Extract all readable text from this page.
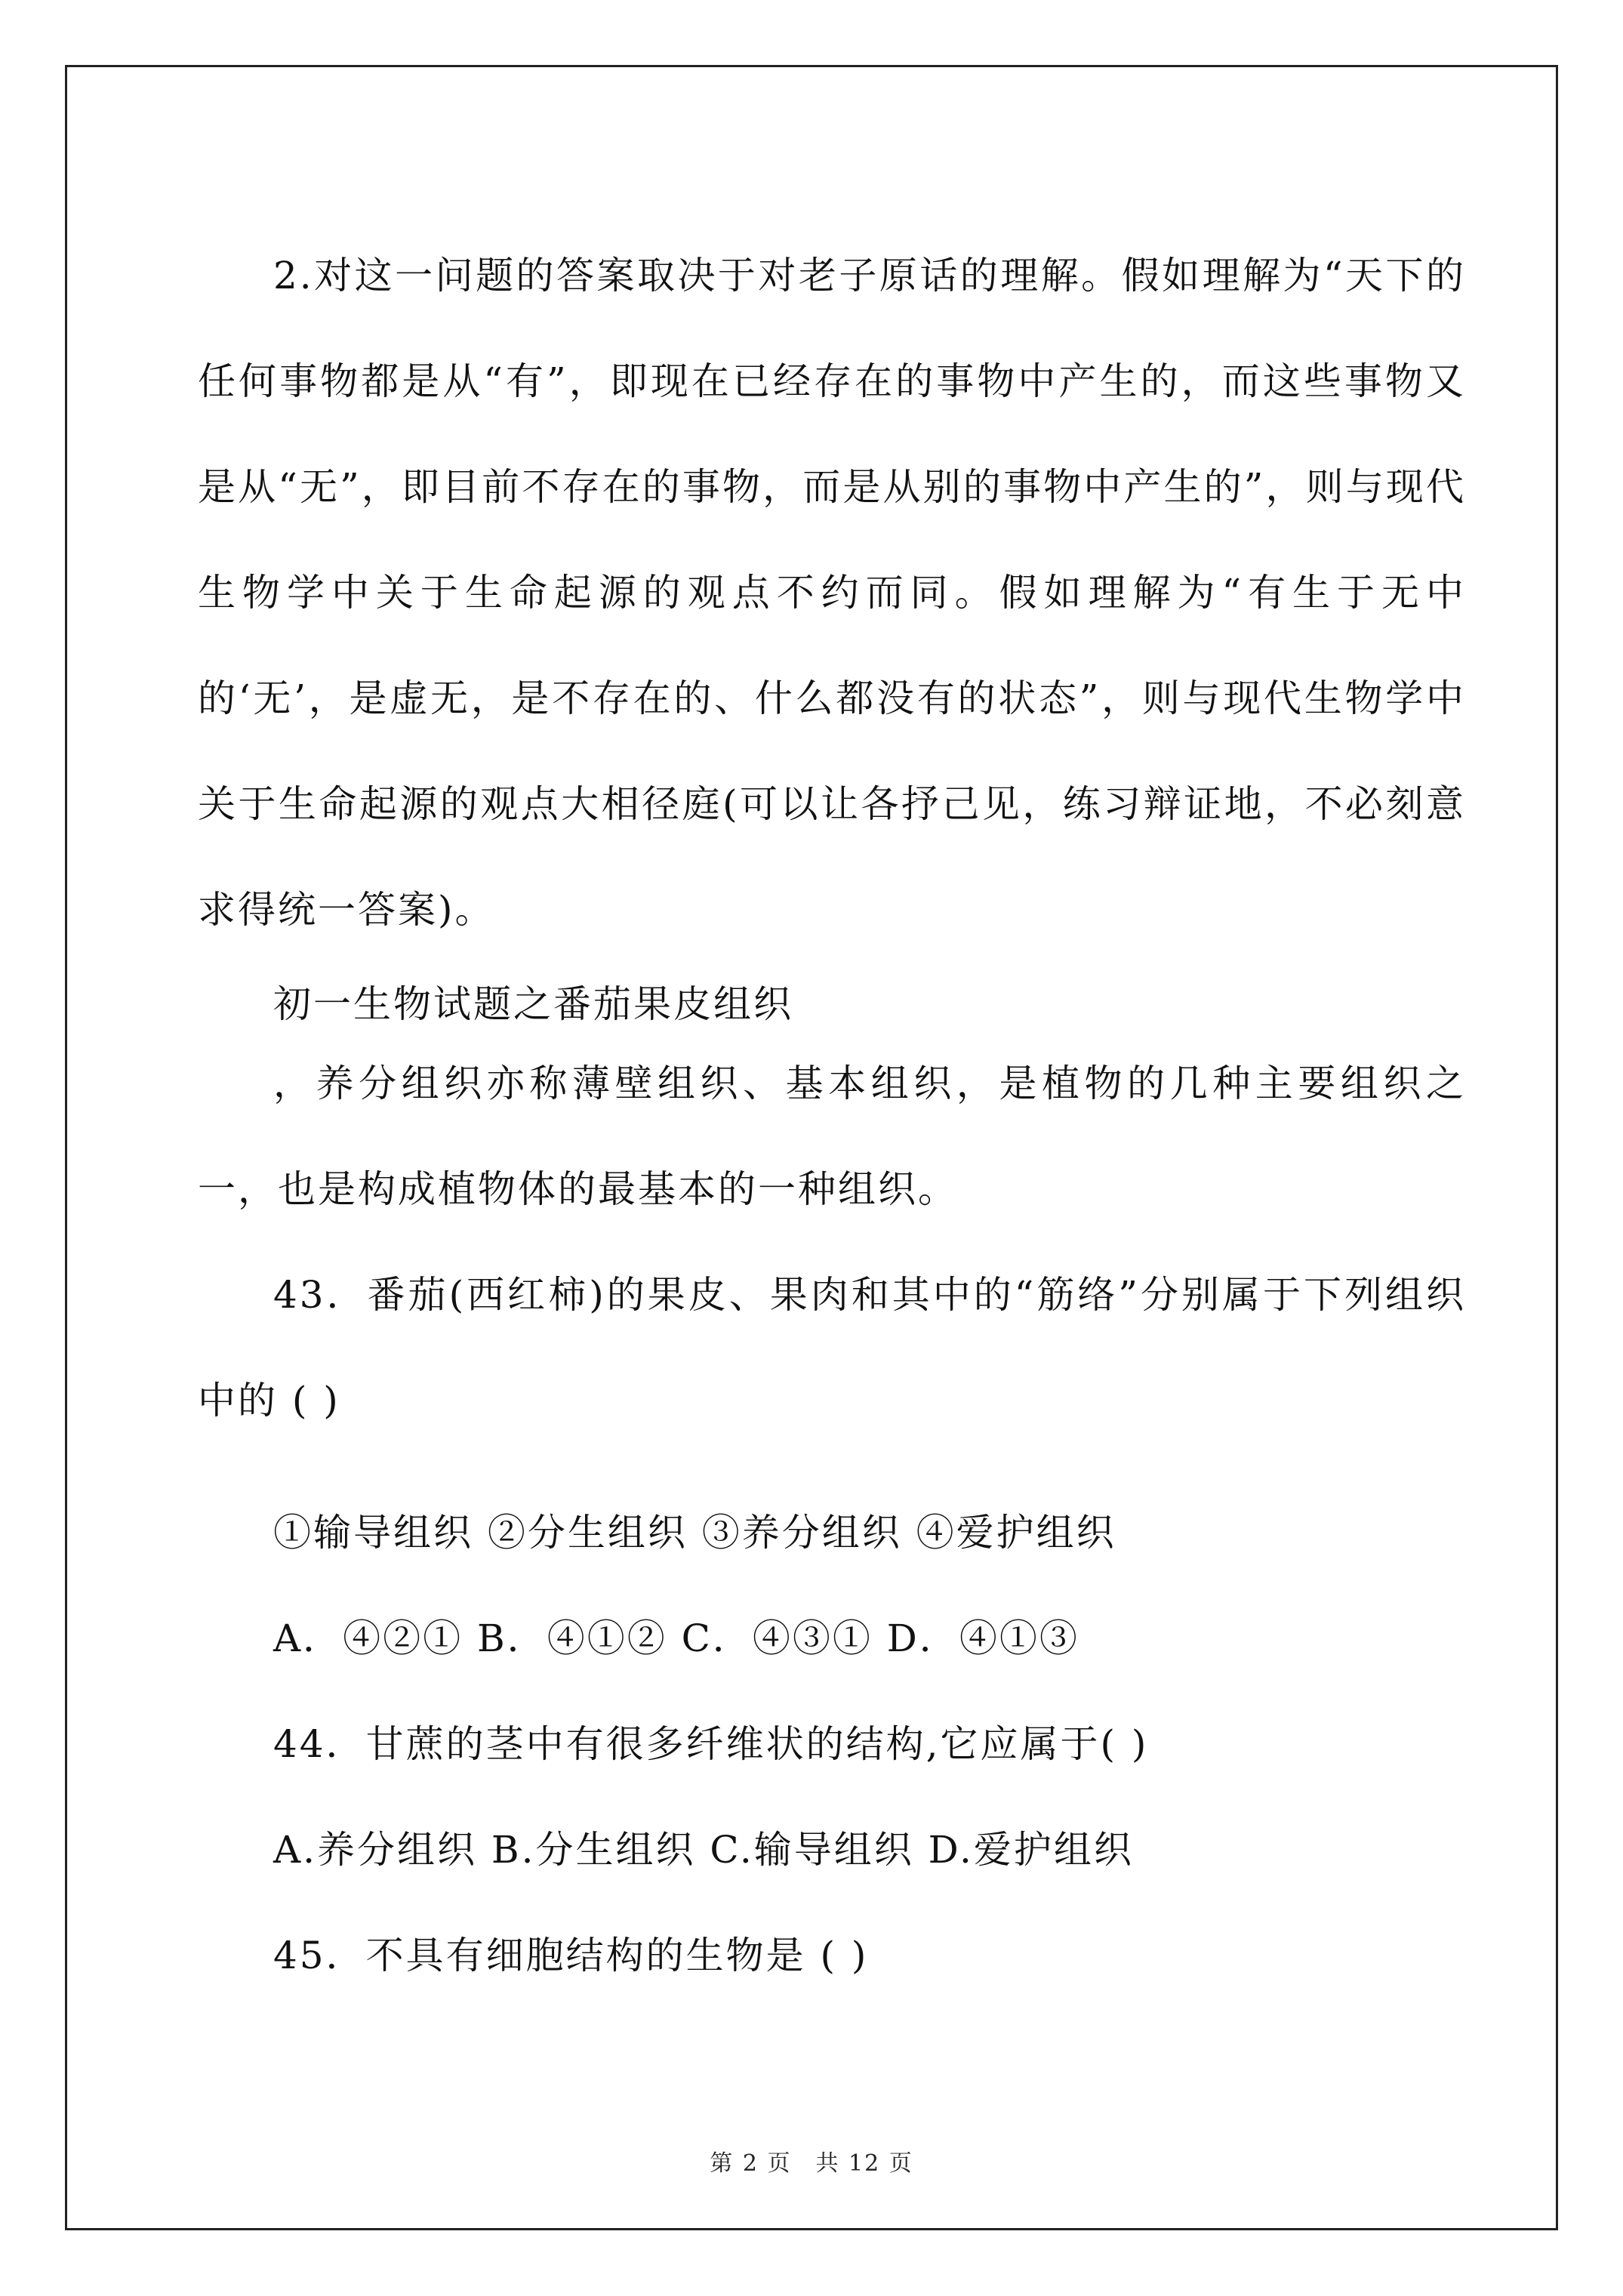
2.对这一问题的答案取决于对老子原话的理解。假如理解为“天下的任何事物都是从“有”，即现在已经存在的事物中产生的，而这些事物又是从“无”，即目前不存在的事物，而是从别的事物中产生的”，则与现代生物学中关于生命起源的观点不约而同。假如理解为“有生于无中的‘无’，是虚无，是不存在的、什么都没有的状态”，则与现代生物学中关于生命起源的观点大相径庭(可以让各抒己见，练习辩证地，不必刻意求得统一答案)。
初一生物试题之番茄果皮组织
，养分组织亦称薄壁组织、基本组织，是植物的几种主要组织之一，也是构成植物体的最基本的一种组织。
43．番茄(西红柿)的果皮、果肉和其中的“筋络”分别属于下列组织中的 ( )
①输导组织 ②分生组织 ③养分组织 ④爱护组织
A．④②① B．④①② C．④③① D．④①③
44．甘蔗的茎中有很多纤维状的结构,它应属于( )
A.养分组织 B.分生组织 C.输导组织 D.爱护组织
45．不具有细胞结构的生物是 ( )
第 2 页　共 12 页
